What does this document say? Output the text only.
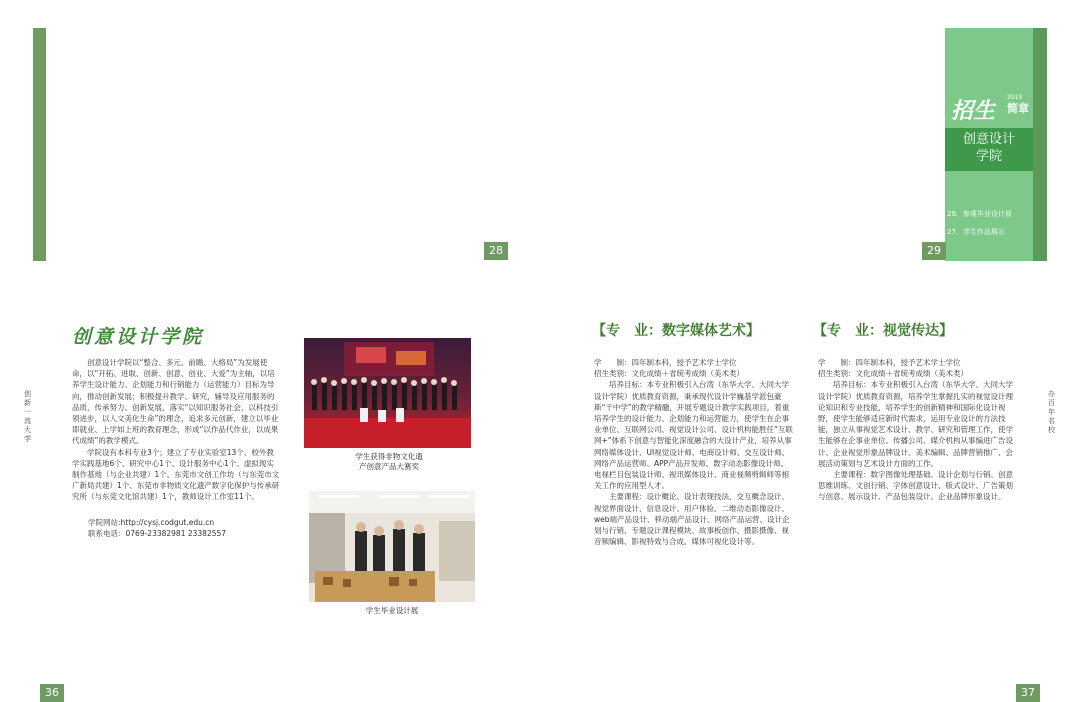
28
招生
2019
简章
创意设计
学院
29、参观毕业设计展
27、学生作品展示
29
创新一流大学
创意设计学院

创意设计学院以“整合、多元、前瞻、大格局”为发展使命，以“开拓、进取、创新、创意、创业、大爱”为主轴，以培养学生设计能力、企划能力和行销能力（运营能力）目标为导向，推动创新发展；积极提升教学、研究，辅导及应用服务的品质，传承努力、创新发展，落实“以知识服务社会，以科技引领进步，以人文美化生命”的理念，追求多元创新，建立以毕业即就业、上学如上班的教育理念，形成“以作品代作业，以成果代成绩”的教学模式。

学院设有本科专业3个；建立了专业实验室13个、校外教学实践基地6个、研究中心1个、设计服务中心1个、虚拟现实制作基地（与企业共建）1个、东莞市文创工作坊（与东莞市文广新局共建）1个、东莞市非物质文化遗产数字化保护与传承研究所（与东莞文化馆共建）1个，教师设计工作室11个。

学院网站:http://cysj.codgut.edu.cn

联系电话：0769-23382981 23382557

学生获得非物文化遗
产创意产品大赛奖
学生毕业设计展
36
【专　业：数字媒体艺术】

学　　制：四年制本科，授予艺术学士学位

招生类别：文化成绩＋省统考成绩（美术类）

培养目标：本专业积极引入台湾（东华大学、大同大学设计学院）优质教育资源，秉承现代设计学巍基学派包豪斯“干中学”的教学精髓，开展专题设计教学实践项目，着重培养学生的设计能力、企划能力和运营能力，使学生在企事业单位、互联网公司、视觉设计公司、设计机构能胜任“互联网+”体系下创意与智能化深度融合的大设计产业，培养从事网络媒体设计、UI视觉设计师、电商设计师、交互设计师、网络产品运营师、APP产品开发师、数字动态影像设计师、电视栏目包装设计师、视讯媒体设计、商业视频剪辑师等相关工作的应用型人才。

主要课程：设计概论、设计表现技法、交互概念设计、视觉界面设计、信息设计、用户体验、二维动态影像设计、web端产品设计、移动端产品设计、网络产品运营、设计企划与行销、专题设计课程模块、故事板创作、摄影摄像、视音频编辑、影视特效与合成、媒体可视化设计等。

【专　业：视觉传达】

学　　制：四年制本科，授予艺术学士学位

招生类别：文化成绩＋省统考成绩（美术类）

培养目标：本专业积极引入台湾（东华大学、大同大学设计学院）优质教育资源，培养学生掌握扎实的视觉设计理论知识和专业技能，培养学生的创新精神和国际化设计视野，使学生能够适应新时代需求，运用专业设计的方法技能，独立从事视觉艺术设计、教学、研究和管理工作，使学生能够在企事业单位、传播公司、媒介机构从事编进广告设计、企业视觉形象品牌设计、美术编辑、品牌营销推广、会展活动策划与艺术设计方面的工作。

主要课程：数字图像处理基础、设计企划与行销、创意思维训练、文创行销、字体创意设计、版式设计、广告策划与创意、展示设计、产品包装设计、企业品牌形象设计。

办百年名校
37
